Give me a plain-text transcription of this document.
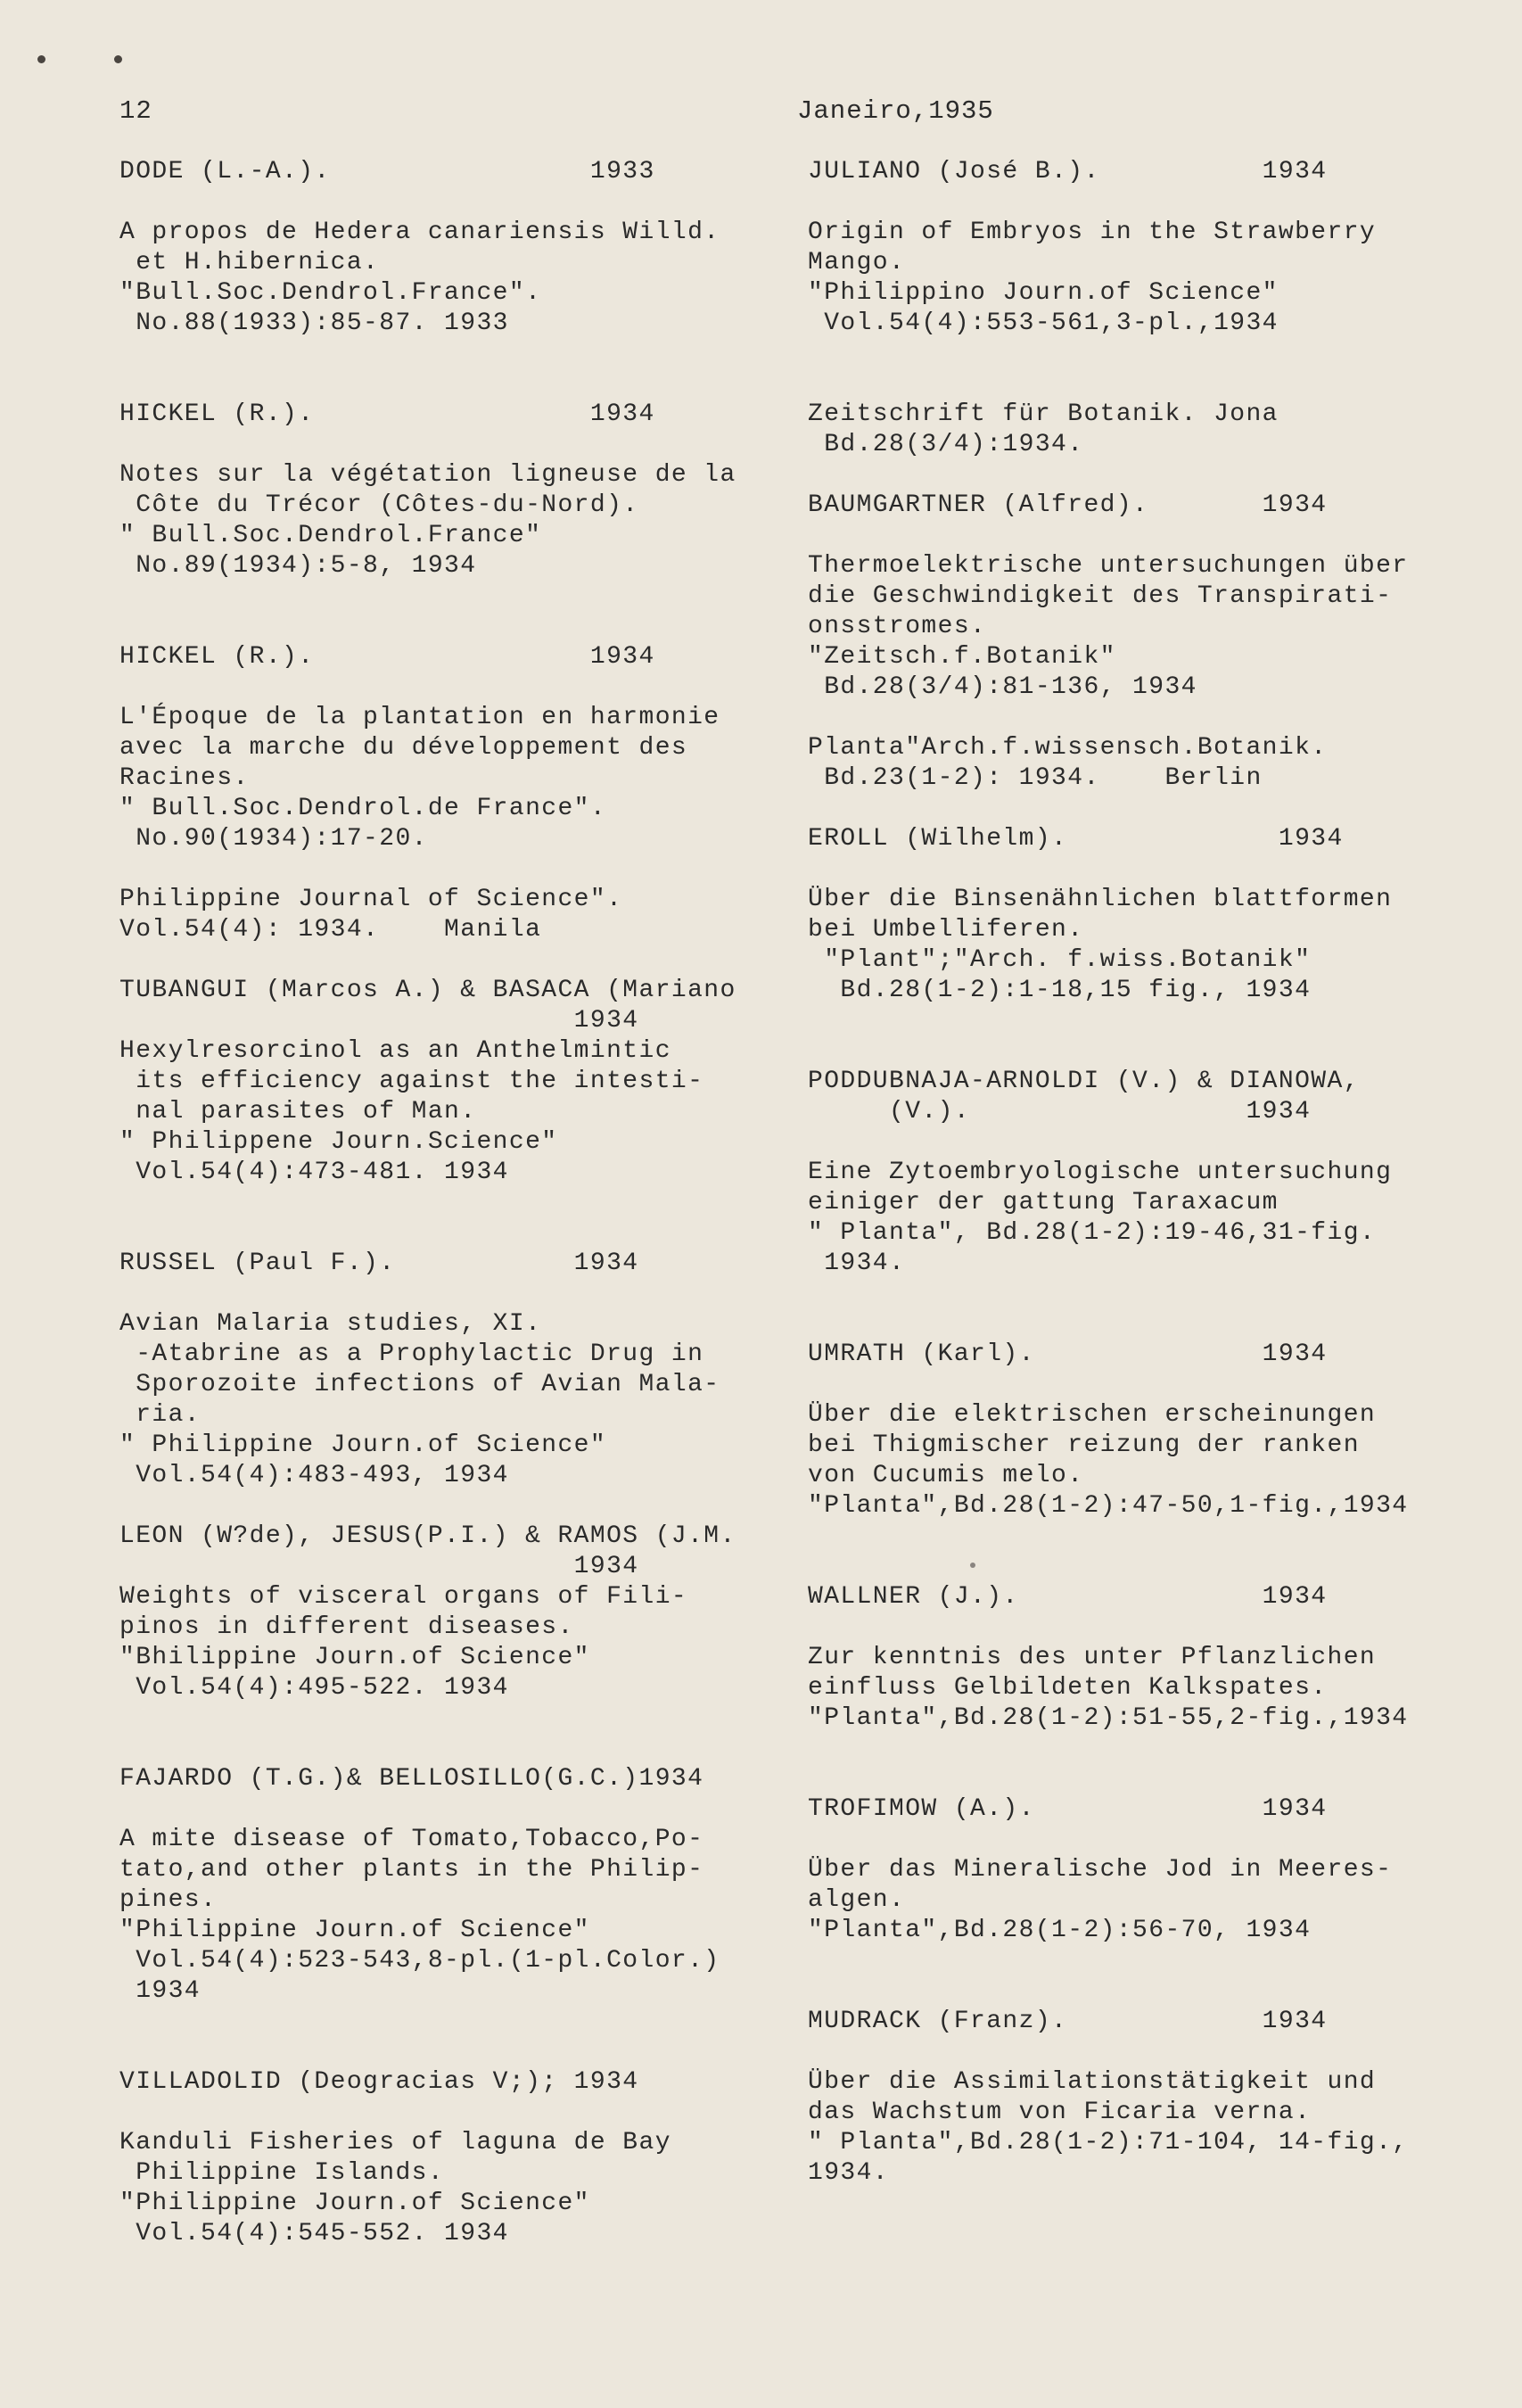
12	Janeiro,1935
DODE (L.-A.).                1933
A propos de Hedera canariensis Willd.
et H.hibernica.
"Bull.Soc.Dendrol.France".
No.88(1933):85-87. 1933
HICKEL (R.).                 1934
Notes sur la végétation ligneuse de la
Côte du Trécor (Côtes-du-Nord).
" Bull.Soc.Dendrol.France"
No.89(1934):5-8, 1934
HICKEL (R.).                 1934
L'Époque de la plantation en harmonie
avec la marche du développement des
Racines.
" Bull.Soc.Dendrol.de France".
No.90(1934):17-20.
Philippine Journal of Science".
Vol.54(4): 1934.    Manila
TUBANGUI (Marcos A.) & BASACA (Mariano
1934
Hexylresorcinol as an Anthelmintic
its efficiency against the intesti-
nal parasites of Man.
" Philippene Journ.Science"
Vol.54(4):473-481. 1934
RUSSEL (Paul F.).           1934
Avian Malaria studies, XI.
-Atabrine as a Prophylactic Drug in
Sporozoite infections of Avian Mala-
ria.
" Philippine Journ.of Science"
Vol.54(4):483-493, 1934
LEON (W?de), JESUS(P.I.) & RAMOS (J.M.
1934
Weights of visceral organs of Fili-
pinos in different diseases.
"Bhilippine Journ.of Science"
Vol.54(4):495-522. 1934
FAJARDO (T.G.)& BELLOSILLO(G.C.)1934
A mite disease of Tomato,Tobacco,Po-
tato,and other plants in the Philip-
pines.
"Philippine Journ.of Science"
Vol.54(4):523-543,8-pl.(1-pl.Color.)
1934
VILLADOLID (Deogracias V;); 1934
Kanduli Fisheries of laguna de Bay
Philippine Islands.
"Philippine Journ.of Science"
Vol.54(4):545-552. 1934
JULIANO (José B.).          1934
Origin of Embryos in the Strawberry
Mango.
"Philippino Journ.of Science"
Vol.54(4):553-561,3-pl.,1934
Zeitschrift für Botanik. Jona
Bd.28(3/4):1934.
BAUMGARTNER (Alfred).       1934
Thermoelektrische untersuchungen über
die Geschwindigkeit des Transpirati-
onsstromes.
"Zeitsch.f.Botanik"
Bd.28(3/4):81-136, 1934
Planta"Arch.f.wissensch.Botanik.
Bd.23(1-2): 1934.    Berlin
EROLL (Wilhelm).             1934
Über die Binsenähnlichen blattformen
bei Umbelliferen.
"Plant";"Arch. f.wiss.Botanik"
Bd.28(1-2):1-18,15 fig., 1934
PODDUBNAJA-ARNOLDI (V.) & DIANOWA,
(V.).                 1934
Eine Zytoembryologische untersuchung
einiger der gattung Taraxacum
" Planta", Bd.28(1-2):19-46,31-fig.
1934.
UMRATH (Karl).              1934
Über die elektrischen erscheinungen
bei Thigmischer reizung der ranken
von Cucumis melo.
"Planta",Bd.28(1-2):47-50,1-fig.,1934
WALLNER (J.).               1934
Zur kenntnis des unter Pflanzlichen
einfluss Gelbildeten Kalkspates.
"Planta",Bd.28(1-2):51-55,2-fig.,1934
TROFIMOW (A.).              1934
Über das Mineralische Jod in Meeres-
algen.
"Planta",Bd.28(1-2):56-70, 1934
MUDRACK (Franz).            1934
Über die Assimilationstätigkeit und
das Wachstum von Ficaria verna.
" Planta",Bd.28(1-2):71-104, 14-fig.,
1934.
